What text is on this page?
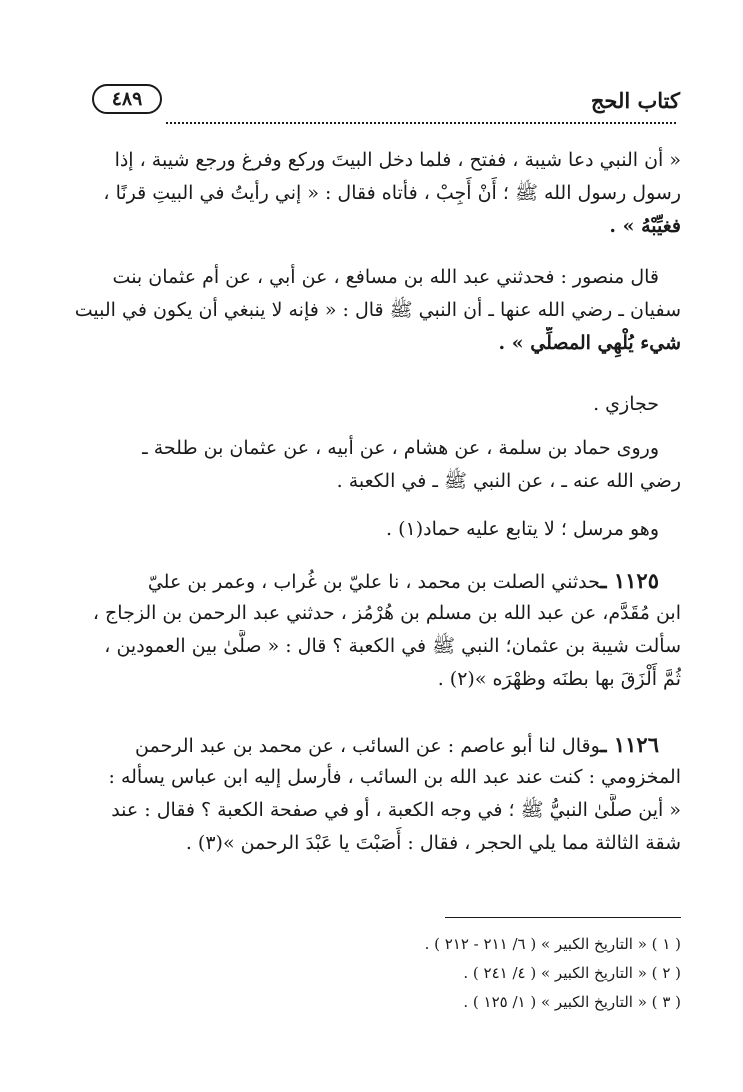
كتاب الحج
٤٨٩
« أن النبي دعا شيبة ، ففتح ، فلما دخل البيتَ وركع وفرغ ورجع شيبة ، إذا
رسول رسول الله ﷺ ؛ أَنْ أَجِبْ ، فأتاه فقال : « إني رأيتُ في البيتِ قرنًا ،
فغيِّبْهُ » .
قال منصور : فحدثني عبد الله بن مسافع ، عن أبي ، عن أم عثمان بنت
سفيان ـ رضي الله عنها ـ أن النبي ﷺ قال : « فإنه لا ينبغي أن يكون في البيت
شيء يُلْهِي المصلِّي » .
حجازي .
وروى حماد بن سلمة ، عن هشام ، عن أبيه ، عن عثمان بن طلحة ـ
رضي الله عنه ـ ، عن النبي ﷺ ـ في الكعبة .
وهو مرسل ؛ لا يتابع عليه حماد(١) .
١١٢٥ ـحدثني الصلت بن محمد ، نا عليّ بن غُراب ، وعمر بن عليّ
ابن مُقَدَّم، عن عبد الله بن مسلم بن هُرْمُز ، حدثني عبد الرحمن بن الزجاج ،
سألت شيبة بن عثمان؛ النبي ﷺ في الكعبة ؟ قال : « صلَّىٰ بين العمودين ،
ثُمَّ أَلْزَقَ بها بطنَه وظهْرَه »(٢) .
١١٢٦ ـوقال لنا أبو عاصم : عن السائب ، عن محمد بن عبد الرحمن
المخزومي : كنت عند عبد الله بن السائب ، فأرسل إليه ابن عباس يسأله :
« أين صلَّىٰ النبيُّ ﷺ ؛ في وجه الكعبة ، أو في صفحة الكعبة ؟ فقال : عند
شقة الثالثة مما يلي الحجر ، فقال : أَصَبْتَ يا عَبْدَ الرحمن »(٣) .
( ١ ) « التاريخ الكبير » ( ٦/ ٢١١ - ٢١٢ ) .
( ٢ ) « التاريخ الكبير » ( ٤/ ٢٤١ ) .
( ٣ ) « التاريخ الكبير » ( ١/ ١٢٥ ) .
